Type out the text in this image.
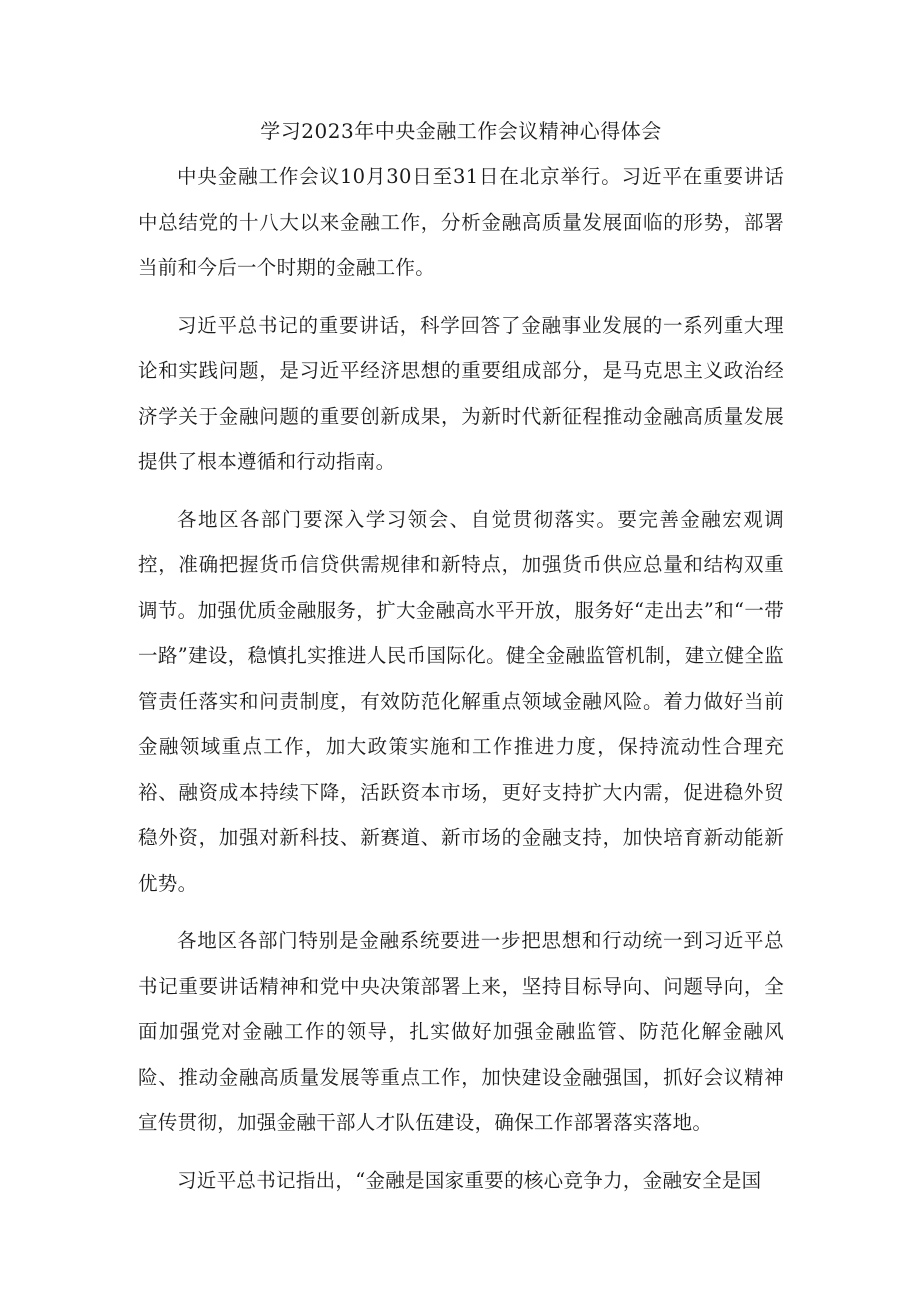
学习2023年中央金融工作会议精神心得体会

中央金融工作会议10月30日至31日在北京举行。习近平在重要讲话中总结党的十八大以来金融工作，分析金融高质量发展面临的形势，部署当前和今后一个时期的金融工作。

习近平总书记的重要讲话，科学回答了金融事业发展的一系列重大理论和实践问题，是习近平经济思想的重要组成部分，是马克思主义政治经济学关于金融问题的重要创新成果，为新时代新征程推动金融高质量发展提供了根本遵循和行动指南。

各地区各部门要深入学习领会、自觉贯彻落实。要完善金融宏观调控，准确把握货币信贷供需规律和新特点，加强货币供应总量和结构双重调节。加强优质金融服务，扩大金融高水平开放，服务好“走出去”和“一带一路”建设，稳慎扎实推进人民币国际化。健全金融监管机制，建立健全监管责任落实和问责制度，有效防范化解重点领域金融风险。着力做好当前金融领域重点工作，加大政策实施和工作推进力度，保持流动性合理充裕、融资成本持续下降，活跃资本市场，更好支持扩大内需，促进稳外贸稳外资，加强对新科技、新赛道、新市场的金融支持，加快培育新动能新优势。

各地区各部门特别是金融系统要进一步把思想和行动统一到习近平总书记重要讲话精神和党中央决策部署上来，坚持目标导向、问题导向，全面加强党对金融工作的领导，扎实做好加强金融监管、防范化解金融风险、推动金融高质量发展等重点工作，加快建设金融强国，抓好会议精神宣传贯彻，加强金融干部人才队伍建设，确保工作部署落实落地。

习近平总书记指出，“金融是国家重要的核心竞争力，金融安全是国
